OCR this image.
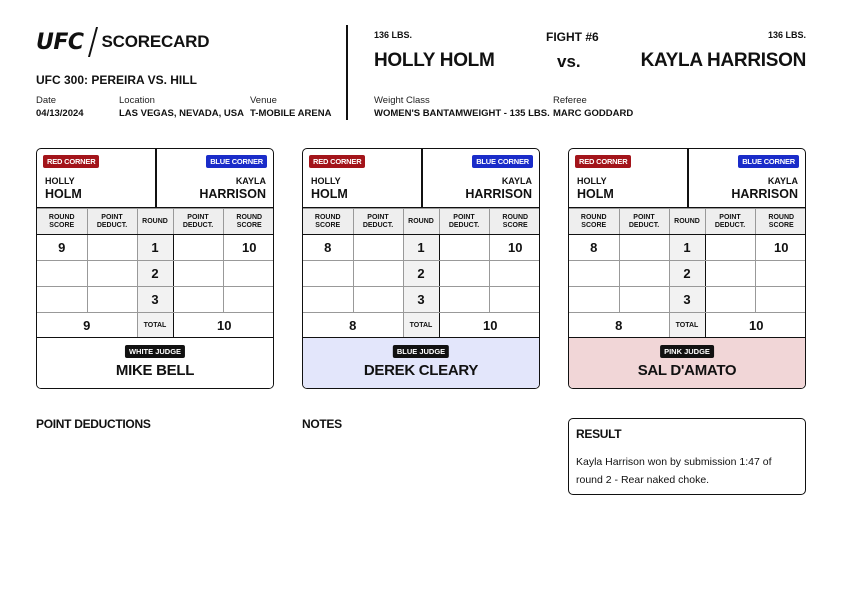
UFC SCORECARD
UFC 300: PEREIRA VS. HILL
Date
04/13/2024
Location
LAS VEGAS, NEVADA, USA
Venue
T-MOBILE ARENA
136 LBS.	FIGHT #6	136 LBS.
HOLLY HOLM	vs.	KAYLA HARRISON
Weight Class
WOMEN'S BANTAMWEIGHT - 135 LBS.
Referee
MARC GODDARD
RED CORNER	BLUE CORNER
HOLLY
HOLM
KAYLA
HARRISON
ROUND SCORE	POINT DEDUCT.	ROUND	POINT DEDUCT.	ROUND SCORE
9		1		10
		2		
		3		
9		TOTAL	10	
WHITE JUDGE
MIKE BELL
RED CORNER	BLUE CORNER
HOLLY
HOLM
KAYLA
HARRISON
ROUND SCORE	POINT DEDUCT.	ROUND	POINT DEDUCT.	ROUND SCORE
8		1		10
		2		
		3		
8		TOTAL	10	
BLUE JUDGE
DEREK CLEARY
RED CORNER	BLUE CORNER
HOLLY
HOLM
KAYLA
HARRISON
ROUND SCORE	POINT DEDUCT.	ROUND	POINT DEDUCT.	ROUND SCORE
8		1		10
		2		
		3		
8		TOTAL	10	
PINK JUDGE
SAL D'AMATO
POINT DEDUCTIONS	NOTES
RESULT
Kayla Harrison won by submission 1:47 of round 2 - Rear naked choke.
